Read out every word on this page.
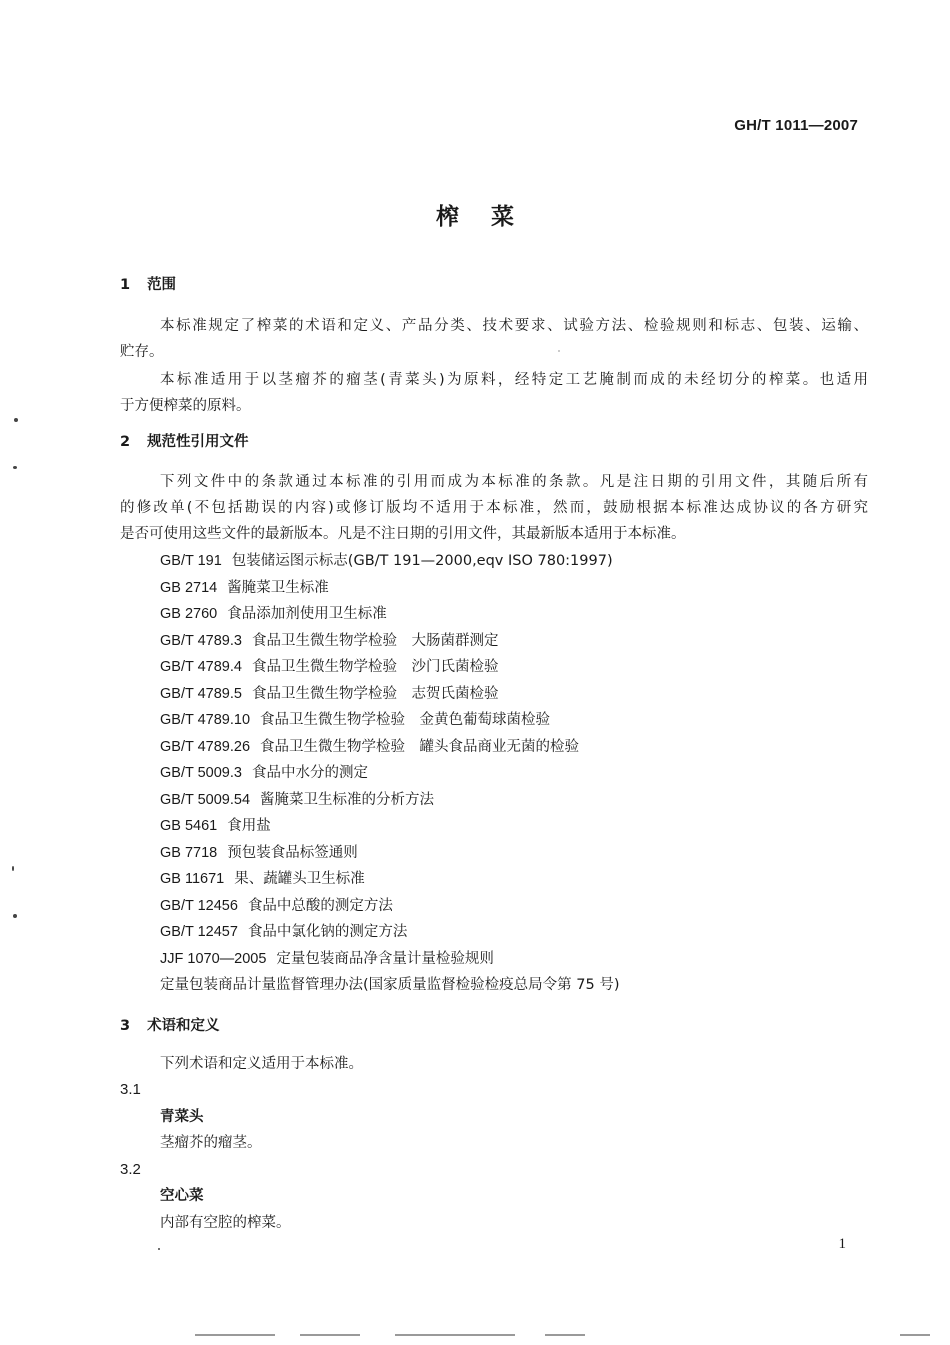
GH/T 1011—2007
榨菜
1 范围
本标准规定了榨菜的术语和定义、产品分类、技术要求、试验方法、检验规则和标志、包装、运输、
贮存。
本标准适用于以茎瘤芥的瘤茎(青菜头)为原料，经特定工艺腌制而成的未经切分的榨菜。也适用
于方便榨菜的原料。
2 规范性引用文件
下列文件中的条款通过本标准的引用而成为本标准的条款。凡是注日期的引用文件，其随后所有
的修改单(不包括勘误的内容)或修订版均不适用于本标准，然而，鼓励根据本标准达成协议的各方研究
是否可使用这些文件的最新版本。凡是不注日期的引用文件，其最新版本适用于本标准。
GB/T 191 包装储运图示标志(GB/T 191—2000,eqv ISO 780:1997)
GB 2714 酱腌菜卫生标准
GB 2760 食品添加剂使用卫生标准
GB/T 4789.3 食品卫生微生物学检验　大肠菌群测定
GB/T 4789.4 食品卫生微生物学检验　沙门氏菌检验
GB/T 4789.5 食品卫生微生物学检验　志贺氏菌检验
GB/T 4789.10 食品卫生微生物学检验　金黄色葡萄球菌检验
GB/T 4789.26 食品卫生微生物学检验　罐头食品商业无菌的检验
GB/T 5009.3 食品中水分的测定
GB/T 5009.54 酱腌菜卫生标准的分析方法
GB 5461 食用盐
GB 7718 预包装食品标签通则
GB 11671 果、蔬罐头卫生标准
GB/T 12456 食品中总酸的测定方法
GB/T 12457 食品中氯化钠的测定方法
JJF 1070—2005 定量包装商品净含量计量检验规则
定量包装商品计量监督管理办法(国家质量监督检验检疫总局令第 75 号)
3 术语和定义
下列术语和定义适用于本标准。
3.1
青菜头
茎瘤芥的瘤茎。
3.2
空心菜
内部有空腔的榨菜。
1
